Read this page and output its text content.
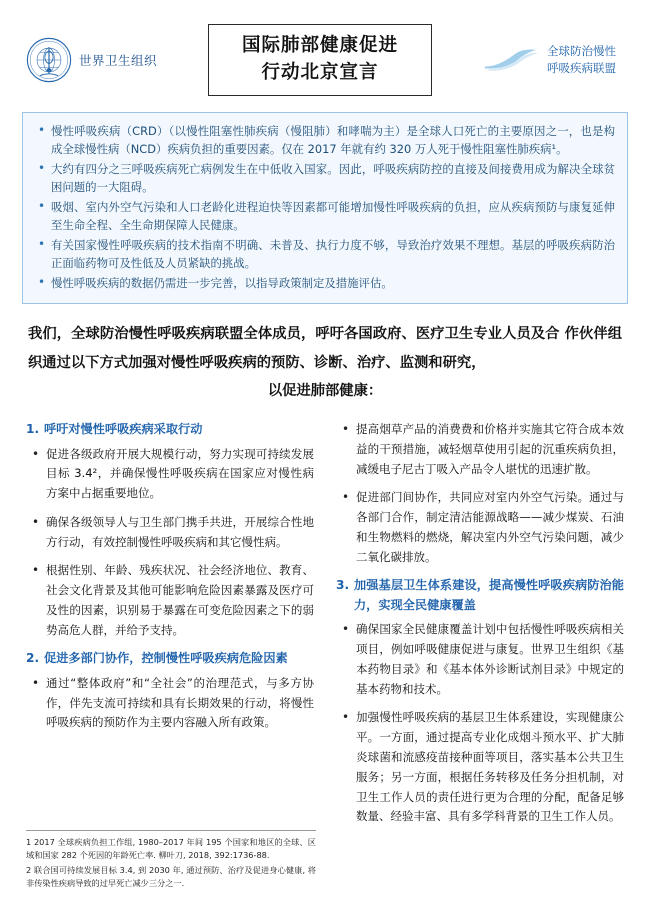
世界卫生组织
国际肺部健康促进
行动北京宣言
全球防治慢性
呼吸疾病联盟
• 慢性呼吸疾病（CRD）（以慢性阻塞性肺疾病（慢阻肺）和哮喘为主）是全球人口死亡的主要原因之一，也是构成全球慢性病（NCD）疾病负担的重要因素。仅在 2017 年就有约 320 万人死于慢性阻塞性肺疾病¹。
• 大约有四分之三呼吸疾病死亡病例发生在中低收入国家。因此，呼吸疾病防控的直接及间接费用成为解决全球贫困问题的一大阻碍。
• 吸烟、室内外空气污染和人口老龄化进程迫快等因素都可能增加慢性呼吸疾病的负担，应从疾病预防与康复延伸至生命全程、全生命期保障人民健康。
• 有关国家慢性呼吸疾病的技术指南不明确、未普及、执行力度不够，导致治疗效果不理想。基层的呼吸疾病防治正面临药物可及性低及人员紧缺的挑战。
• 慢性呼吸疾病的数据仍需进一步完善，以指导政策制定及措施评估。
我们，全球防治慢性呼吸疾病联盟全体成员，呼吁各国政府、医疗卫生专业人员及合 作伙伴组织通过以下方式加强对慢性呼吸疾病的预防、诊断、治疗、监测和研究，
以促进肺部健康：
1. 呼吁对慢性呼吸疾病采取行动
• 促进各级政府开展大规模行动，努力实现可持续发展目标 3.4²，并确保慢性呼吸疾病在国家应对慢性病方案中占据重要地位。
• 确保各级领导人与卫生部门携手共进，开展综合性地方行动，有效控制慢性呼吸疾病和其它慢性病。
• 根据性别、年龄、残疾状况、社会经济地位、教育、社会文化背景及其他可能影响危险因素暴露及医疗可及性的因素，识别易于暴露在可变危险因素之下的弱势高危人群，并给予支持。
2. 促进多部门协作，控制慢性呼吸疾病危险因素
• 通过“整体政府”和“全社会”的治理范式，与多方协作，伴先支流可持续和具有长期效果的行动，将慢性呼吸疾病的预防作为主要内容融入所有政策。
• 提高烟草产品的消费费和价格并实施其它符合成本效益的干预措施，减轻烟草使用引起的沉重疾病负担，减缓电子尼古丁吸入产品令人堪忧的迅速扩散。
• 促进部门间协作，共同应对室内外空气污染。通过与各部门合作，制定清洁能源战略——减少煤炭、石油和生物燃料的燃烧，解决室内外空气污染问题，减少二氧化碳排放。
3. 加强基层卫生体系建设，提高慢性呼吸疾病防治能力，实现全民健康覆盖
• 确保国家全民健康覆盖计划中包括慢性呼吸疾病相关项目，例如呼吸健康促进与康复。世界卫生组织《基本药物目录》和《基本体外诊断试剂目录》中规定的基本药物和技术。
• 加强慢性呼吸疾病的基层卫生体系建设，实现健康公平。一方面，通过提高专业化成烟斗预水平、扩大肺炎球菌和流感疫苗接种面等项目，落实基本公共卫生服务；另一方面，根据任务转移及任务分担机制，对卫生工作人员的责任进行更为合理的分配，配备足够数量、经验丰富、具有多学科背景的卫生工作人员。
1 2017 全球疾病负担工作组, 1980–2017 年间 195 个国家和地区的全球、区域和国家 282 个死因的年龄死亡率. 柳叶刀, 2018, 392:1736-88.
2 联合国可持续发展目标 3.4, 到 2030 年, 通过预防、治疗及促进身心健康, 将非传染性疾病导致的过早死亡减少三分之一.
